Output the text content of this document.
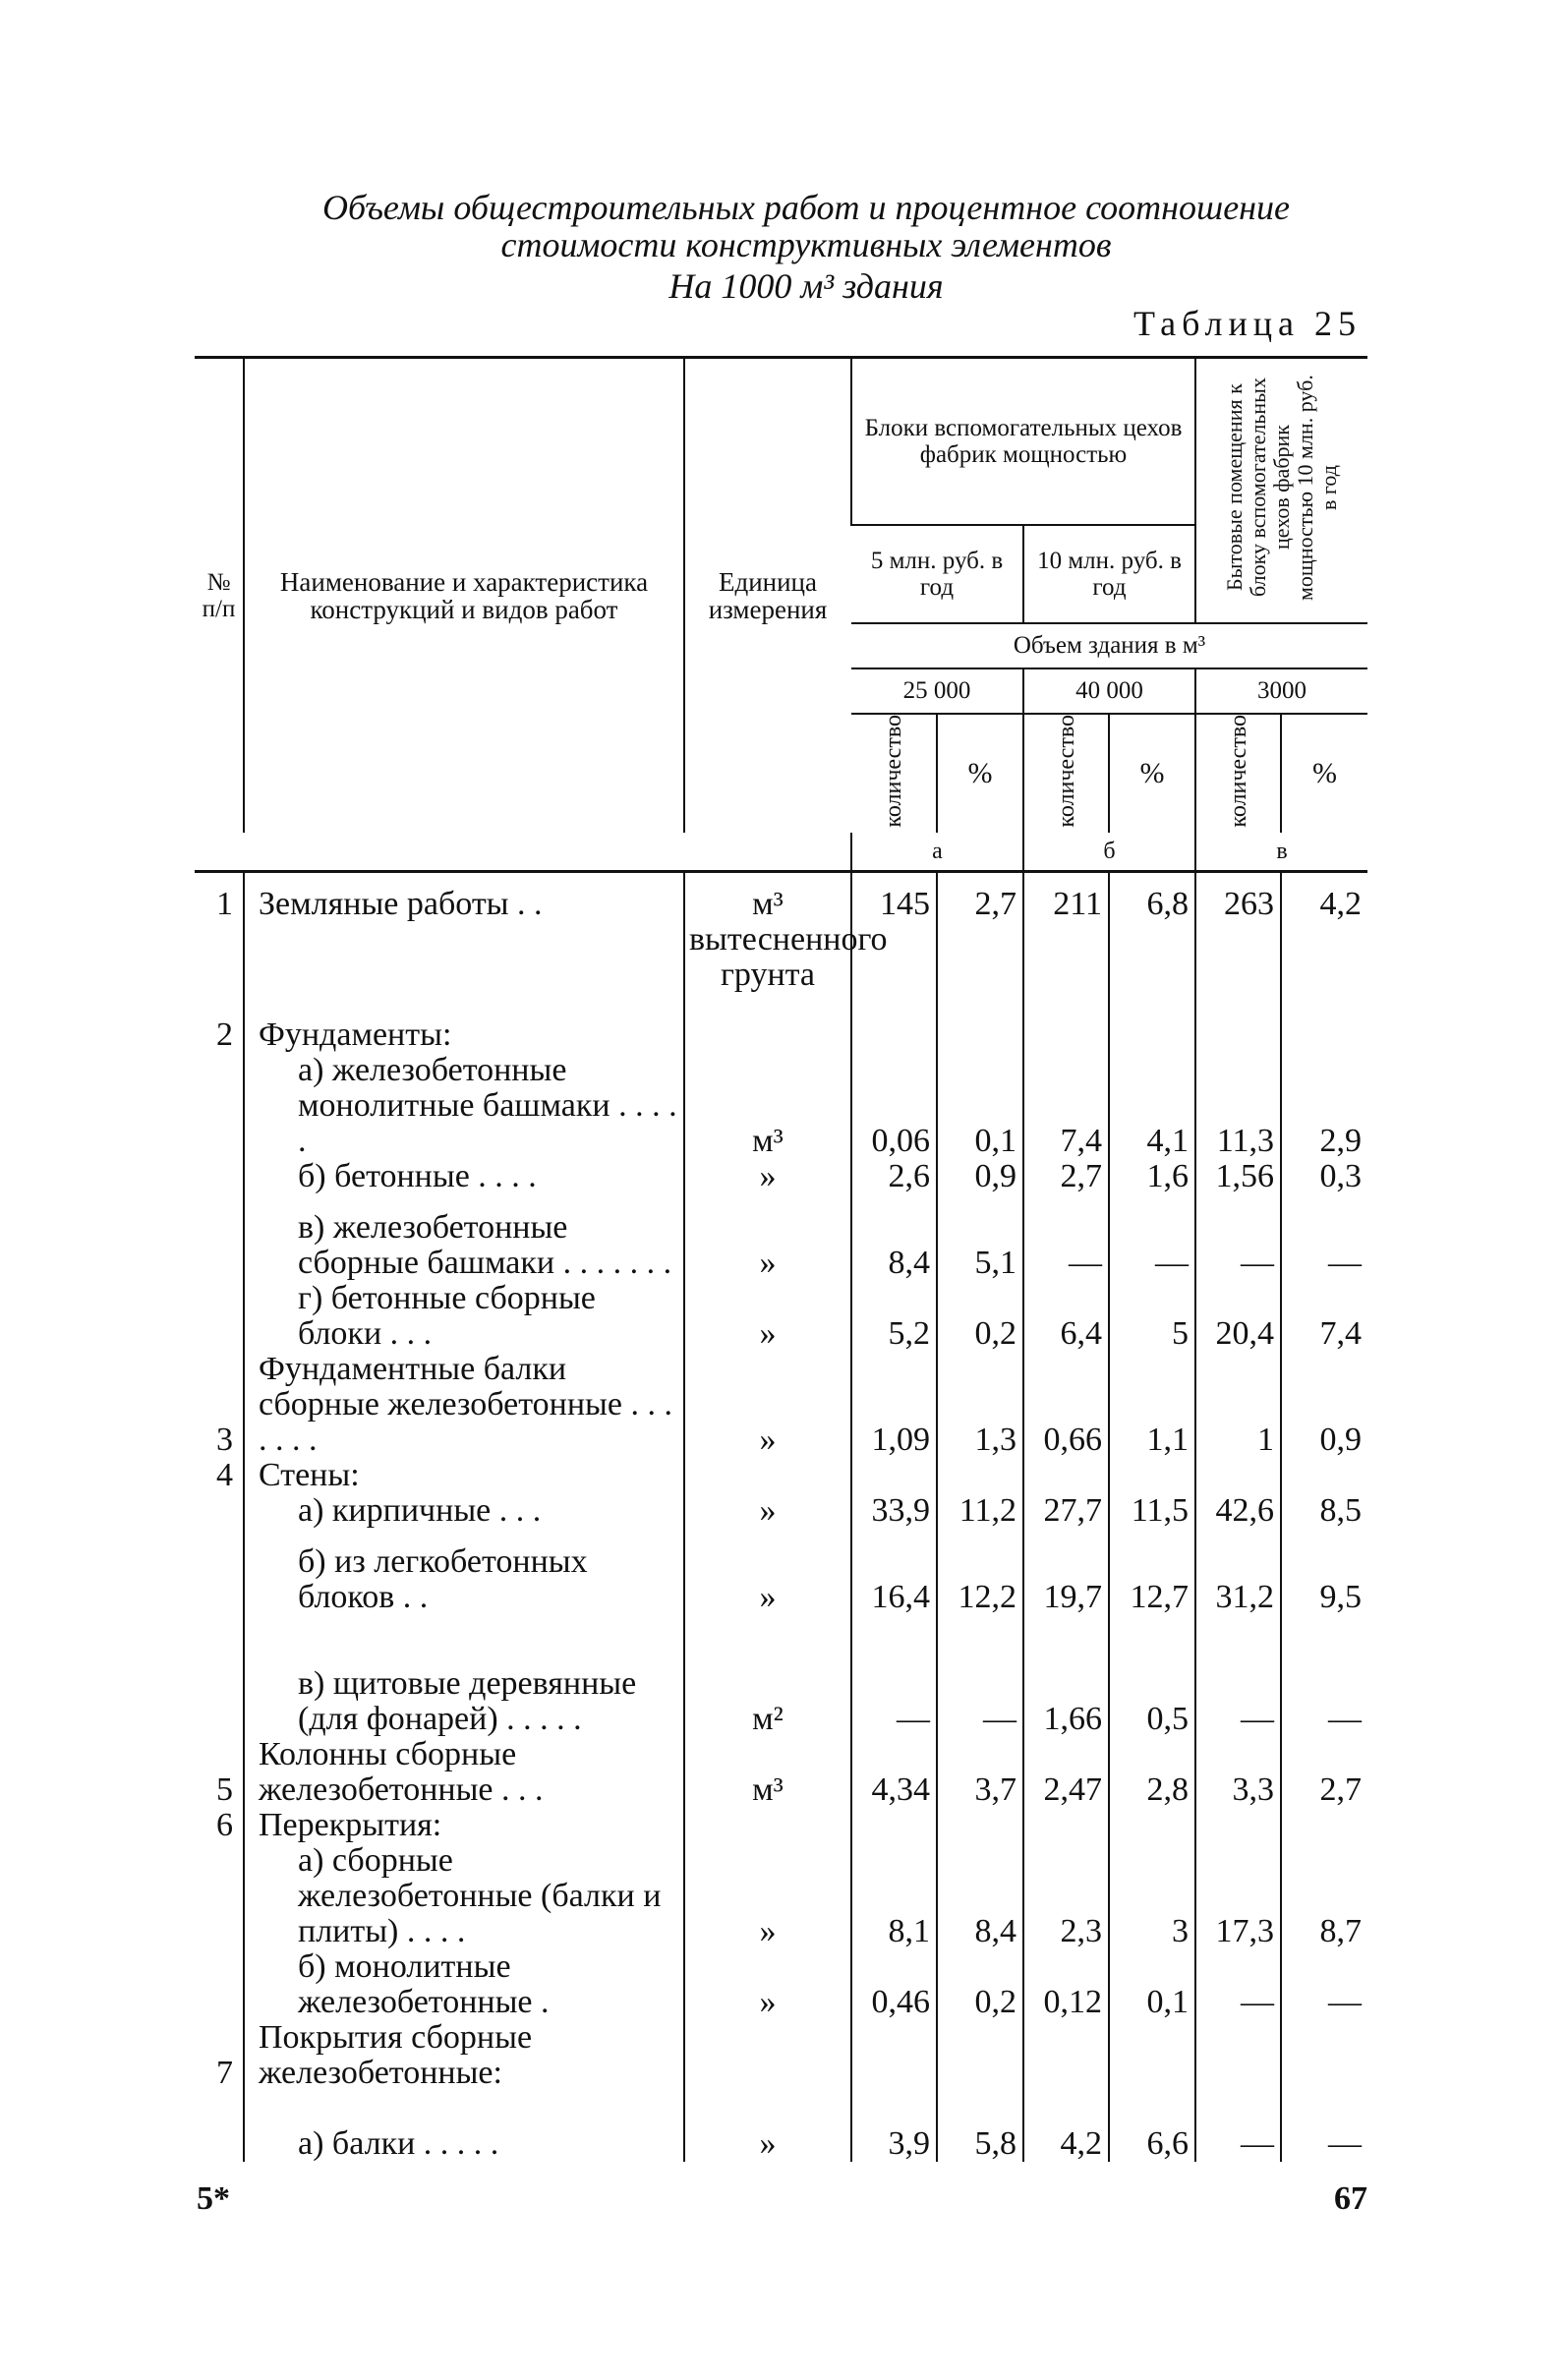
Объемы общестроительных работ и процентное соотношение
стоимости конструктивных элементов
На 1000 м³ здания
Таблица 25
№ п/п	Наименование и характеристика конструкций и видов работ	Единица измерения	Блоки вспомогательных цехов фабрик мощностью				Бытовые помещения к блоку вспомогательных цехов фабрик мощностью 10 млн. руб. в год	
			5 млн. руб. в год		10 млн. руб. в год			
			Объем здания в м³					
			25 000		40 000		3000	
			количество	%	количество	%	количество	%
			а		б		в	
1	Земляные работы . .	м³ вытесненного грунта	145	2,7	211	6,8	263	4,2
2	Фундаменты:							
	а) железобетонные монолитные башмаки . . . . .	м³	0,06	0,1	7,4	4,1	11,3	2,9
	б) бетонные . . . .	»	2,6	0,9	2,7	1,6	1,56	0,3
	в) железобетонные сборные башмаки . . . . . . .	»	8,4	5,1	—	—	—	—
	г) бетонные сборные блоки . . .	»	5,2	0,2	6,4	5	20,4	7,4
3	Фундаментные балки сборные железобетонные . . . . . . .	»	1,09	1,3	0,66	1,1	1	0,9
4	Стены:							
	а) кирпичные . . .	»	33,9	11,2	27,7	11,5	42,6	8,5
	б) из легкобетонных блоков . .	»	16,4	12,2	19,7	12,7	31,2	9,5
	в) щитовые деревянные (для фонарей) . . . . .	м²	—	—	1,66	0,5	—	—
5	Колонны сборные железобетонные . . .	м³	4,34	3,7	2,47	2,8	3,3	2,7
6	Перекрытия:							
	а) сборные железобетонные (балки и плиты) . . . .	»	8,1	8,4	2,3	3	17,3	8,7
	б) монолитные железобетонные .	»	0,46	0,2	0,12	0,1	—	—
7	Покрытия сборные железобетонные:							
	а) балки . . . . .	»	3,9	5,8	4,2	6,6	—	—
5*	67
